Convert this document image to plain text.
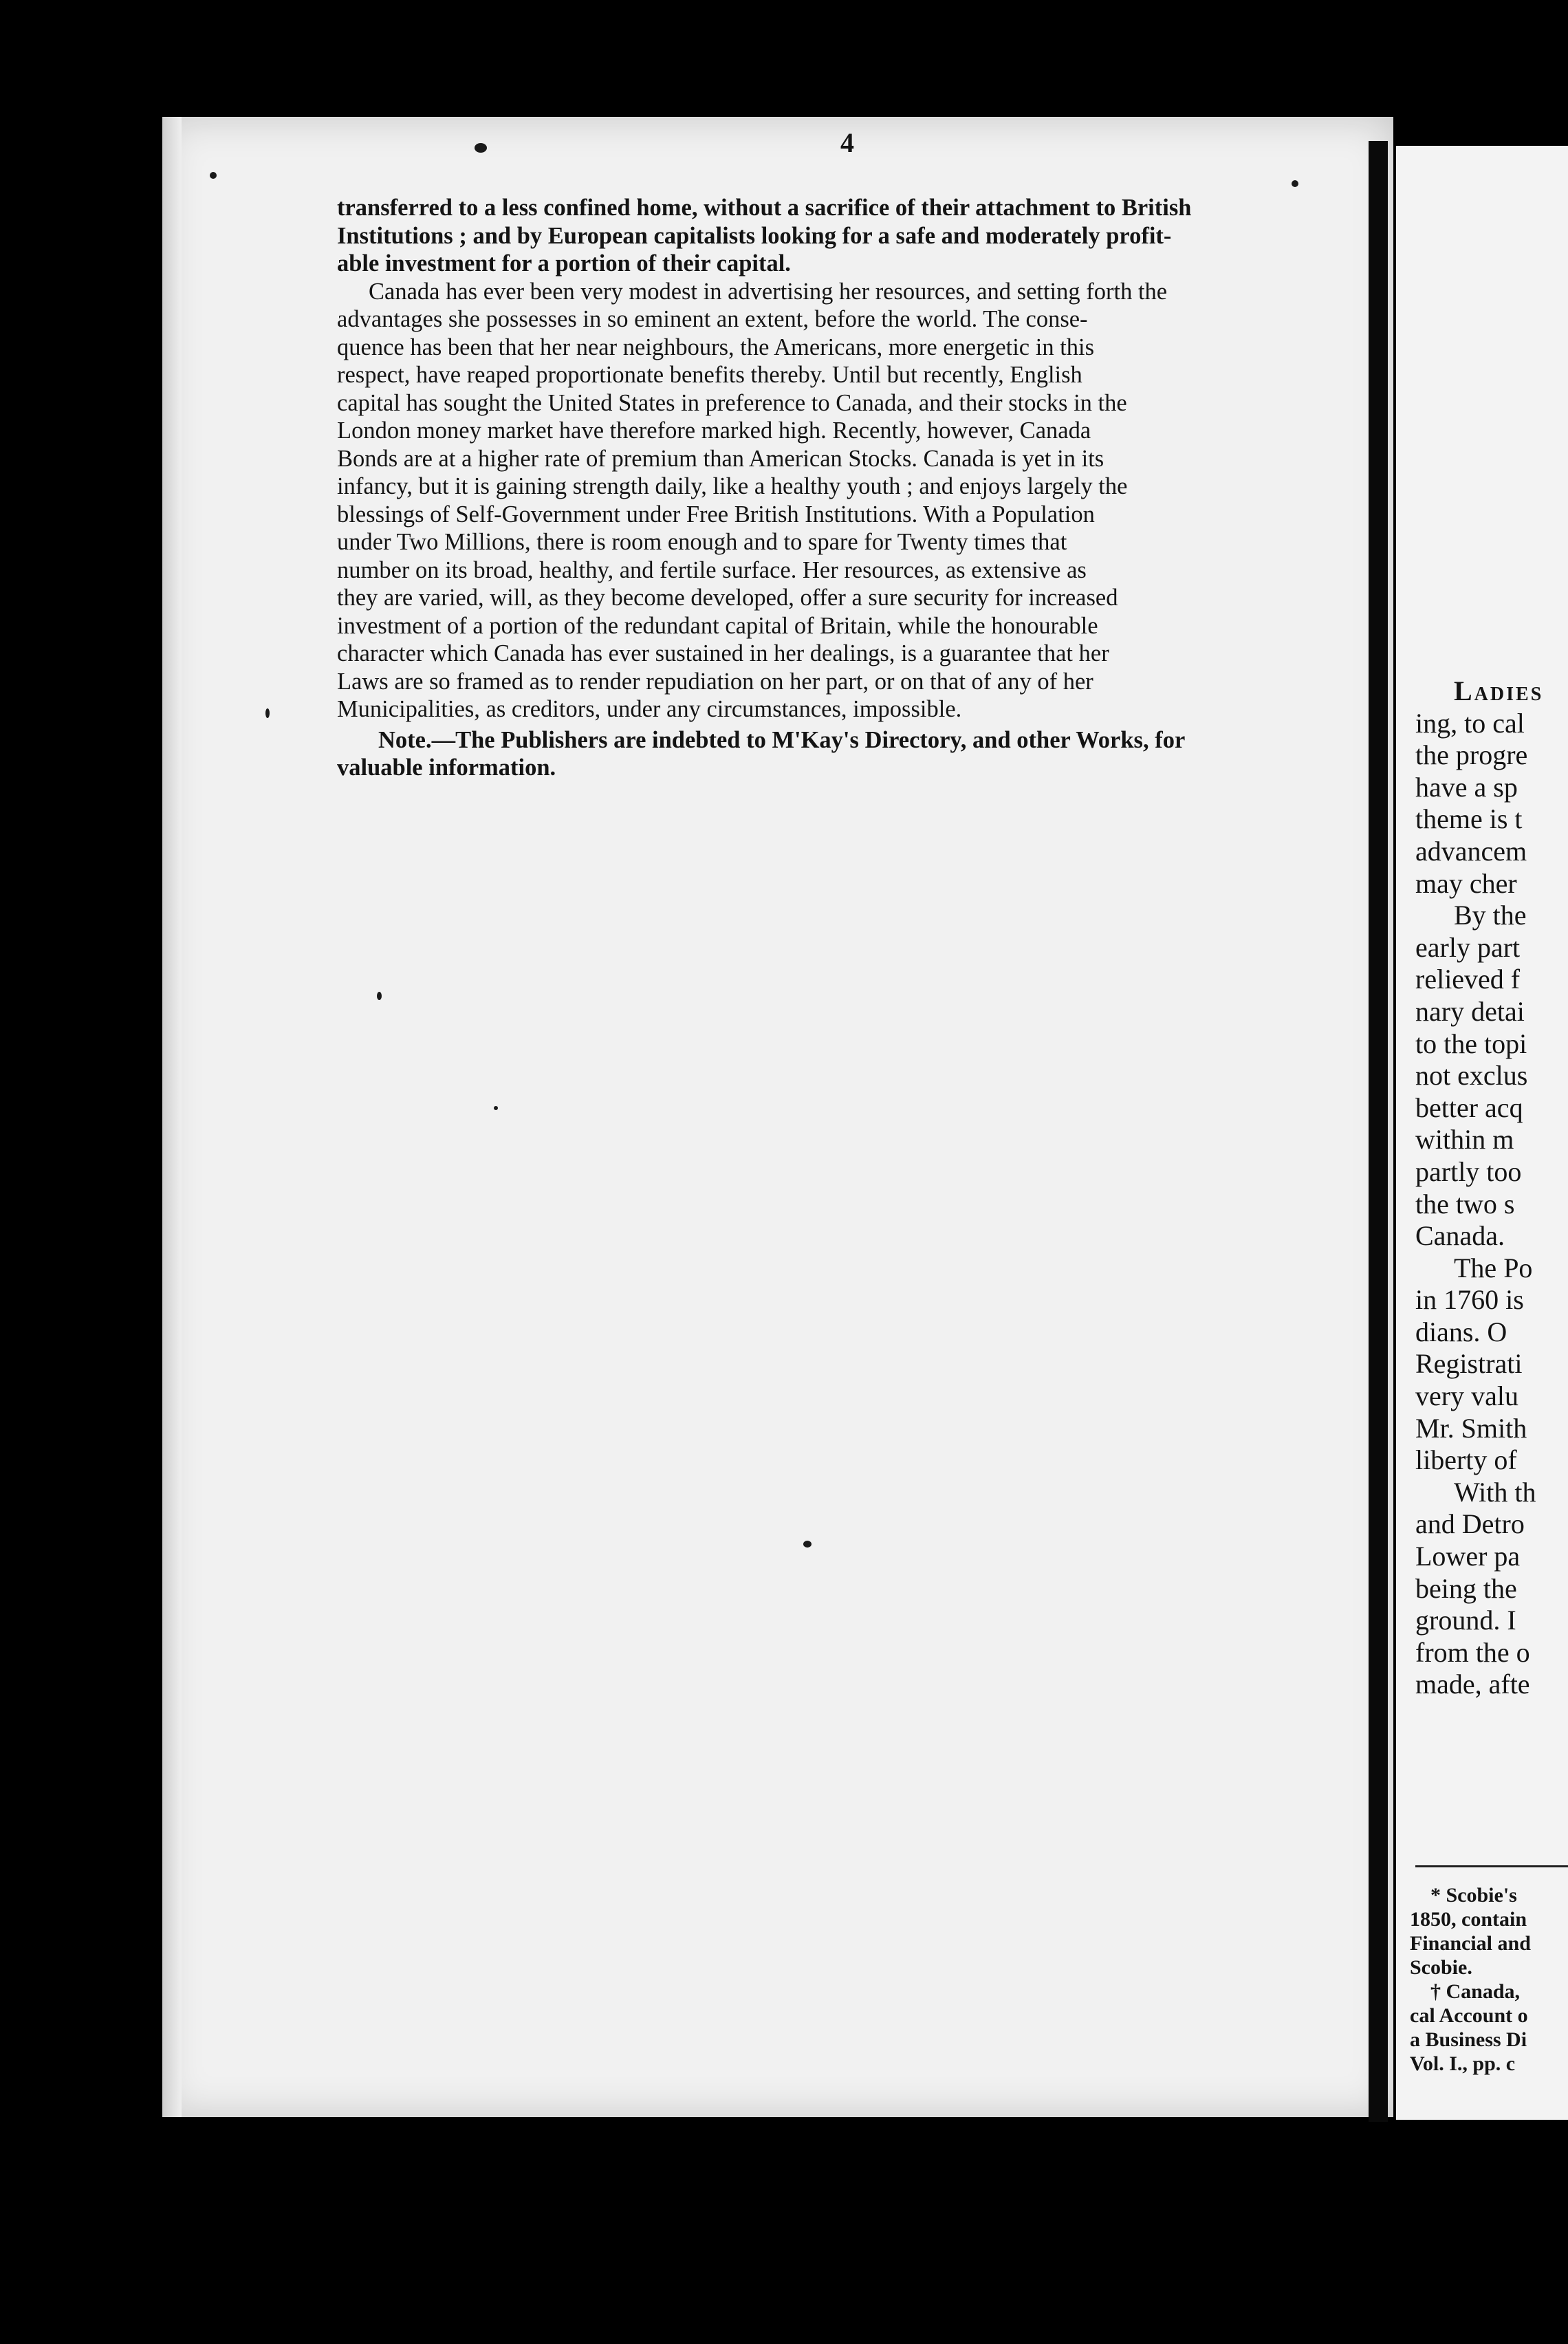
4

transferred to a less confined home, without a sacrifice of their attachment to British

Institutions ; and by European capitalists looking for a safe and moderately profit-

able investment for a portion of their capital.

Canada has ever been very modest in advertising her resources, and setting forth the

advantages she possesses in so eminent an extent, before the world. The conse-

quence has been that her near neighbours, the Americans, more energetic in this

respect, have reaped proportionate benefits thereby. Until but recently, English

capital has sought the United States in preference to Canada, and their stocks in the

London money market have therefore marked high. Recently, however, Canada

Bonds are at a higher rate of premium than American Stocks. Canada is yet in its

infancy, but it is gaining strength daily, like a healthy youth ; and enjoys largely the

blessings of Self-Government under Free British Institutions. With a Population

under Two Millions, there is room enough and to spare for Twenty times that

number on its broad, healthy, and fertile surface. Her resources, as extensive as

they are varied, will, as they become developed, offer a sure security for increased

investment of a portion of the redundant capital of Britain, while the honourable

character which Canada has ever sustained in her dealings, is a guarantee that her

Laws are so framed as to render repudiation on her part, or on that of any of her

Municipalities, as creditors, under any circumstances, impossible.

Note.—The Publishers are indebted to M'Kay's Directory, and other Works, for

valuable information.

Ladies
ing, to cal
the progre
have a sp
theme is t
advancem
may cher
By the
early part
relieved f
nary detai
to the topi
not exclus
better acq
within m
partly too
the two s
Canada.
The Po
in 1760 is
dians. O
Registrati
very valu
Mr. Smith
liberty of
With th
and Detro
Lower pa
being the
ground. I
from the o
made, afte
* Scobie's
1850, contain
Financial and
Scobie.
† Canada,
cal Account o
a Business Di
Vol. I., pp. c
